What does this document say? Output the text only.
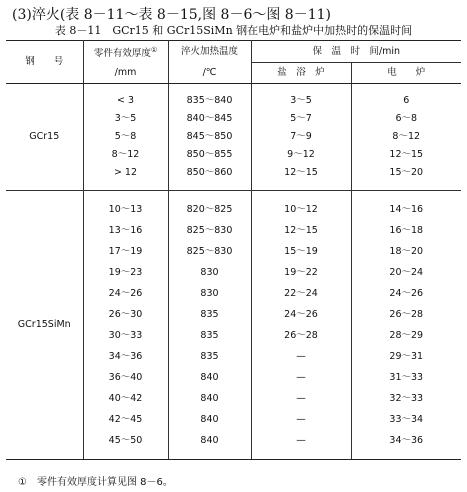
(3)淬火(表 8－11～表 8－15,图 8－6～图 8－11)
表 8－11　GCr15 和 GCr15SiMn 钢在电炉和盐炉中加热时的保温时间
钢　　号	零件有效厚度①	淬火加热温度	保　温　时　间/min	
	/mm	/℃	盐　浴　炉	电　　炉
GCr15				
	< 3	835～840	3～5	6
	3～5	840～845	5～7	6～8
	5～8	845～850	7～9	8～12
	8～12	850～855	9～12	12～15
	> 12	850～860	12～15	15～20

GCr15SiMn				
	10～13	820～825	10～12	14～16
	13～16	825～830	12～15	16～18
	17～19	825～830	15～19	18～20
	19～23	830	19～22	20～24
	24～26	830	22～24	24～26
	26～30	835	24～26	26～28
	30～33	835	26～28	28～29
	34～36	835	—	29～31
	36～40	840	—	31～33
	40～42	840	—	32～33
	42～45	840	—	33～34
	45～50	840	—	34～36

①　零件有效厚度计算见图 8－6。
